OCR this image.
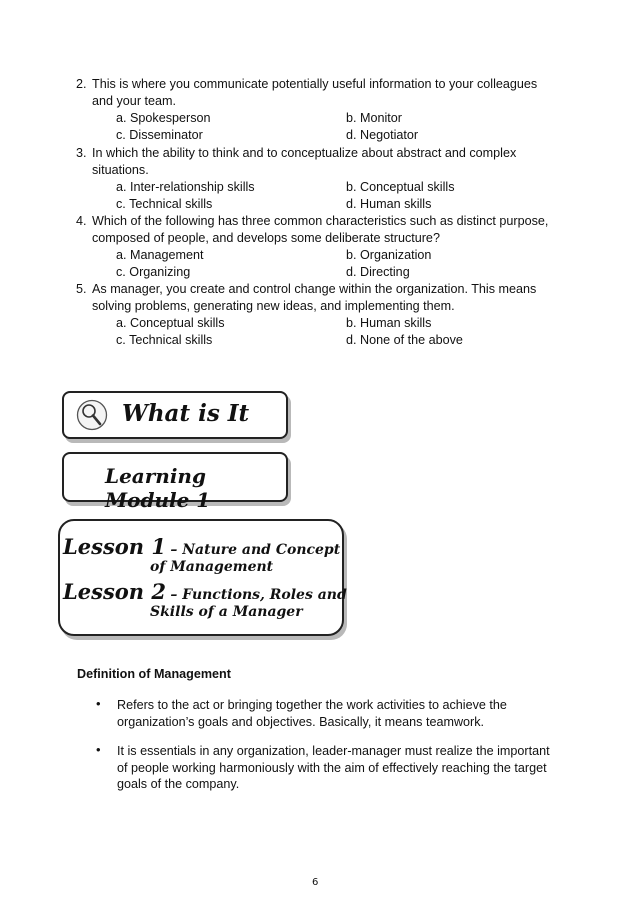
2. This is where you communicate potentially useful information to your colleagues
and your team.
a. Spokesperson	b. Monitor
c. Disseminator	d. Negotiator
3. In which the ability to think and to conceptualize about abstract and complex
situations.
a. Inter-relationship skills	b. Conceptual skills
c. Technical skills	d. Human skills
4. Which of the following has three common characteristics such as distinct purpose,
composed of people, and develops some deliberate structure?
a. Management	b. Organization
c. Organizing	d. Directing
5. As manager, you create and control change within the organization. This means
solving problems, generating new ideas, and implementing them.
a. Conceptual skills	b. Human skills
c. Technical skills	d. None of the above
What is It
Learning Module 1
Lesson 1 – Nature and Concept
of Management
Lesson 2 – Functions, Roles and
Skills of a Manager
Definition of Management
• Refers to the act or bringing together the work activities to achieve the
organization’s goals and objectives. Basically, it means teamwork.
• It is essentials in any organization, leader-manager must realize the important
of people working harmoniously with the aim of effectively reaching the target
goals of the company.
6
